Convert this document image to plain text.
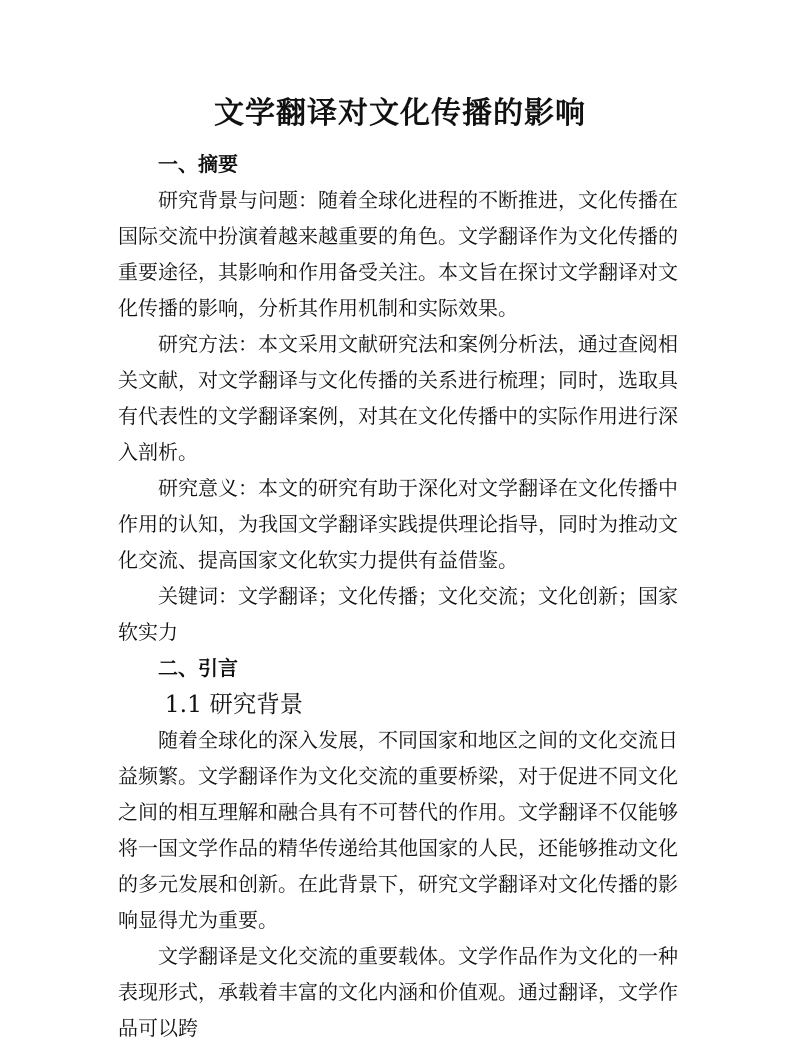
文学翻译对文化传播的影响
一、摘要

研究背景与问题：随着全球化进程的不断推进，文化传播在国际交流中扮演着越来越重要的角色。文学翻译作为文化传播的重要途径，其影响和作用备受关注。本文旨在探讨文学翻译对文化传播的影响，分析其作用机制和实际效果。

研究方法：本文采用文献研究法和案例分析法，通过查阅相关文献，对文学翻译与文化传播的关系进行梳理；同时，选取具有代表性的文学翻译案例，对其在文化传播中的实际作用进行深入剖析。

研究意义：本文的研究有助于深化对文学翻译在文化传播中作用的认知，为我国文学翻译实践提供理论指导，同时为推动文化交流、提高国家文化软实力提供有益借鉴。

关键词：文学翻译；文化传播；文化交流；文化创新；国家软实力

二、引言
1.1 研究背景

随着全球化的深入发展，不同国家和地区之间的文化交流日益频繁。文学翻译作为文化交流的重要桥梁，对于促进不同文化之间的相互理解和融合具有不可替代的作用。文学翻译不仅能够将一国文学作品的精华传递给其他国家的人民，还能够推动文化的多元发展和创新。在此背景下，研究文学翻译对文化传播的影响显得尤为重要。

文学翻译是文化交流的重要载体。文学作品作为文化的一种表现形式，承载着丰富的文化内涵和价值观。通过翻译，文学作品可以跨
